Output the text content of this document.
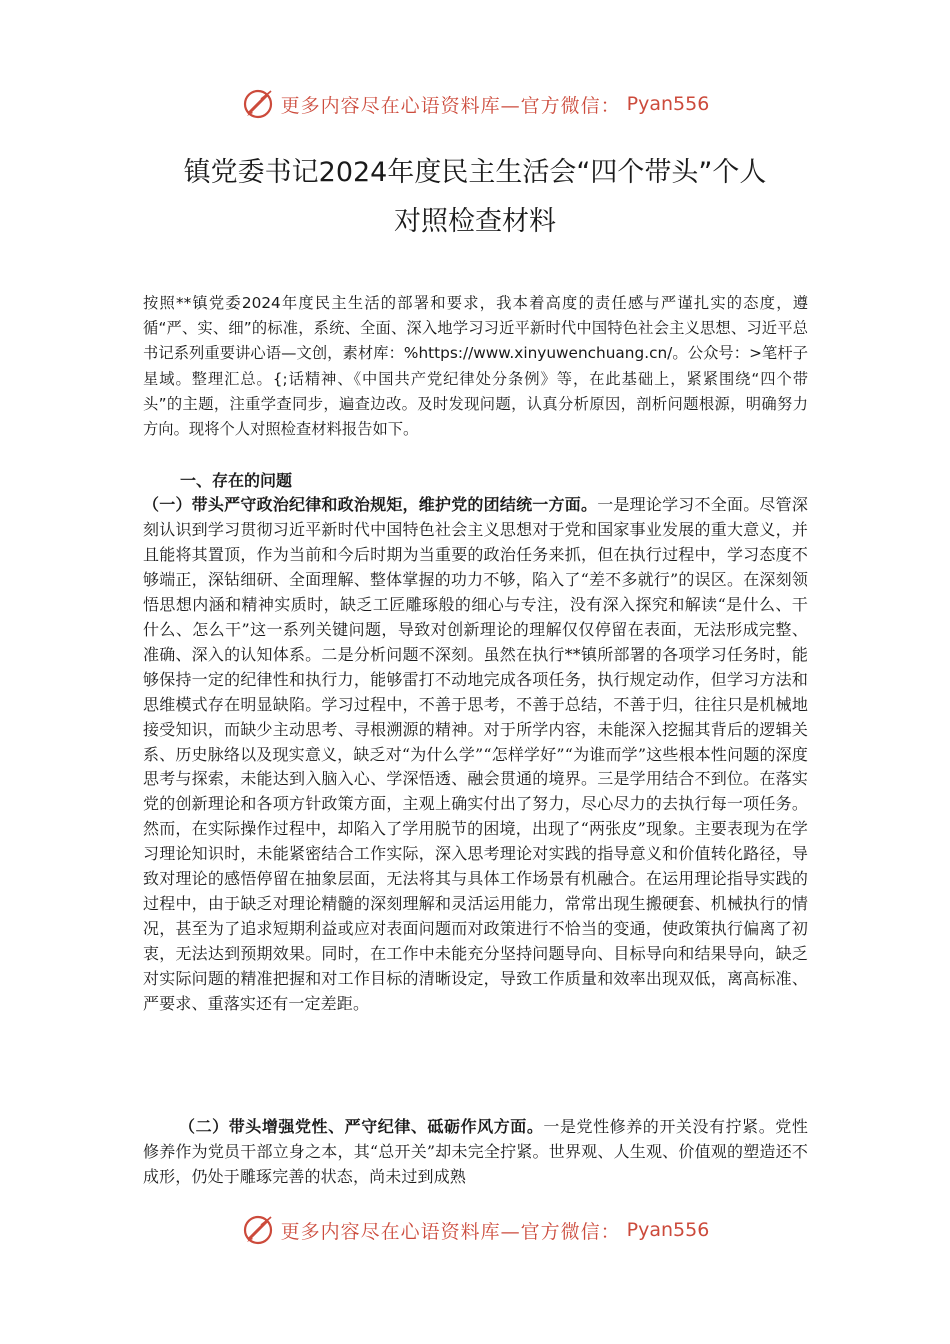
更多内容尽在心语资料库—官方微信： Pyan556
镇党委书记2024年度民主生活会“四个带头”个人
对照检查材料

按照**镇党委2024年度民主生活的部署和要求，我本着高度的责任感与严谨扎实的态度，遵循“严、实、细”的标准，系统、全面、深入地学习习近平新时代中国特色社会主义思想、习近平总书记系列重要讲心语—文创，素材库：%https://www.xinyuwenchuang.cn/。公众号：>笔杆子星域。整理汇总。{;话精神、《中国共产党纪律处分条例》等，在此基础上，紧紧围绕“四个带头”的主题，注重学查同步，遍查边改。及时发现问题，认真分析原因，剖析问题根源，明确努力方向。现将个人对照检查材料报告如下。

一、存在的问题

（一）带头严守政治纪律和政治规矩，维护党的团结统一方面。一是理论学习不全面。尽管深刻认识到学习贯彻习近平新时代中国特色社会主义思想对于党和国家事业发展的重大意义，并且能将其置顶，作为当前和今后时期为当重要的政治任务来抓，但在执行过程中，学习态度不够端正，深钻细研、全面理解、整体掌握的功力不够，陷入了“差不多就行”的误区。在深刻领悟思想内涵和精神实质时，缺乏工匠雕琢般的细心与专注，没有深入探究和解读“是什么、干什么、怎么干”这一系列关键问题，导致对创新理论的理解仅仅停留在表面，无法形成完整、准确、深入的认知体系。二是分析问题不深刻。虽然在执行**镇所部署的各项学习任务时，能够保持一定的纪律性和执行力，能够雷打不动地完成各项任务，执行规定动作，但学习方法和思维模式存在明显缺陷。学习过程中，不善于思考，不善于总结，不善于归，往往只是机械地接受知识，而缺少主动思考、寻根溯源的精神。对于所学内容，未能深入挖掘其背后的逻辑关系、历史脉络以及现实意义，缺乏对“为什么学”“怎样学好”“为谁而学”这些根本性问题的深度思考与探索，未能达到入脑入心、学深悟透、融会贯通的境界。三是学用结合不到位。在落实党的创新理论和各项方针政策方面，主观上确实付出了努力，尽心尽力的去执行每一项任务。然而，在实际操作过程中，却陷入了学用脱节的困境，出现了“两张皮”现象。主要表现为在学习理论知识时，未能紧密结合工作实际，深入思考理论对实践的指导意义和价值转化路径，导致对理论的感悟停留在抽象层面，无法将其与具体工作场景有机融合。在运用理论指导实践的过程中，由于缺乏对理论精髓的深刻理解和灵活运用能力，常常出现生搬硬套、机械执行的情况，甚至为了追求短期利益或应对表面问题而对政策进行不恰当的变通，使政策执行偏离了初衷，无法达到预期效果。同时，在工作中未能充分坚持问题导向、目标导向和结果导向，缺乏对实际问题的精准把握和对工作目标的清晰设定，导致工作质量和效率出现双低，离高标准、严要求、重落实还有一定差距。

（二）带头增强党性、严守纪律、砥砺作风方面。一是党性修养的开关没有拧紧。党性修养作为党员干部立身之本，其“总开关”却未完全拧紧。世界观、人生观、价值观的塑造还不成形，仍处于雕琢完善的状态，尚未过到成熟

更多内容尽在心语资料库—官方微信： Pyan556
